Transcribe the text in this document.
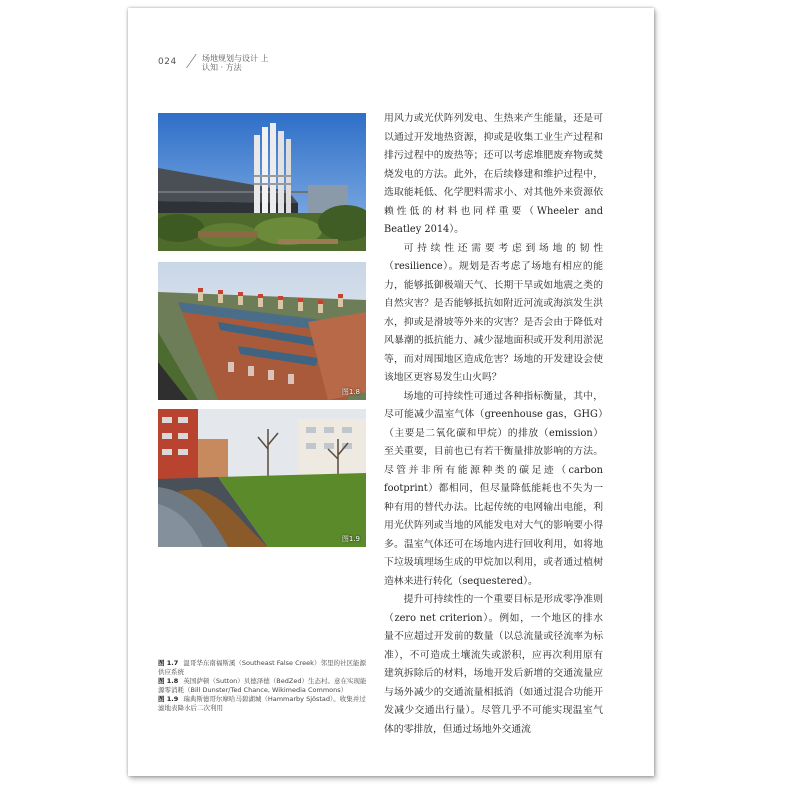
024	场地规划与设计 上
认知 · 方法
图1.8
图1.9

图 1.7 温哥华东南福斯溪（Southeast False Creek）邻里的社区能源供应系统

图 1.8 英国萨顿（Sutton）贝德泽德（BedZed）生态村。意在实现能源零消耗（Bill Dunster/Ted Chance, Wikimedia Commons）

图 1.9 瑞典斯德哥尔摩哈马碧湖城（Hammarby Sjöstad）。收集并过滤地表降水后二次利用

用风力或光伏阵列发电、生热来产生能量，还是可以通过开发地热资源，抑或是收集工业生产过程和排污过程中的废热等；还可以考虑堆肥废弃物或焚烧发电的方法。此外，在后续修建和维护过程中，选取能耗低、化学肥料需求小、对其他外来资源依赖性低的材料也同样重要（Wheeler and Beatley 2014）。

可持续性还需要考虑到场地的韧性（resilience）。规划是否考虑了场地有相应的能力，能够抵御极端天气、长期干旱或如地震之类的自然灾害？是否能够抵抗如附近河流或海滨发生洪水，抑或是滑坡等外来的灾害？是否会由于降低对风暴潮的抵抗能力、减少湿地面积或开发利用淤泥等，而对周围地区造成危害？场地的开发建设会使该地区更容易发生山火吗？

场地的可持续性可通过各种指标衡量，其中，尽可能减少温室气体（greenhouse gas，GHG）（主要是二氧化碳和甲烷）的排放（emission）至关重要，目前也已有若干衡量排放影响的方法。尽管并非所有能源种类的碳足迹（carbon footprint）都相同，但尽量降低能耗也不失为一种有用的替代办法。比起传统的电网输出电能，利用光伏阵列或当地的风能发电对大气的影响要小得多。温室气体还可在场地内进行回收利用，如将地下垃圾填埋场生成的甲烷加以利用，或者通过植树造林来进行转化（sequestered）。

提升可持续性的一个重要目标是形成零净准则（zero net criterion）。例如，一个地区的排水量不应超过开发前的数量（以总流量或径流率为标准），不可造成土壤流失或淤积，应再次利用原有建筑拆除后的材料，场地开发后新增的交通流量应与场外减少的交通流量相抵消（如通过混合功能开发减少交通出行量）。尽管几乎不可能实现温室气体的零排放，但通过场地外交通流
